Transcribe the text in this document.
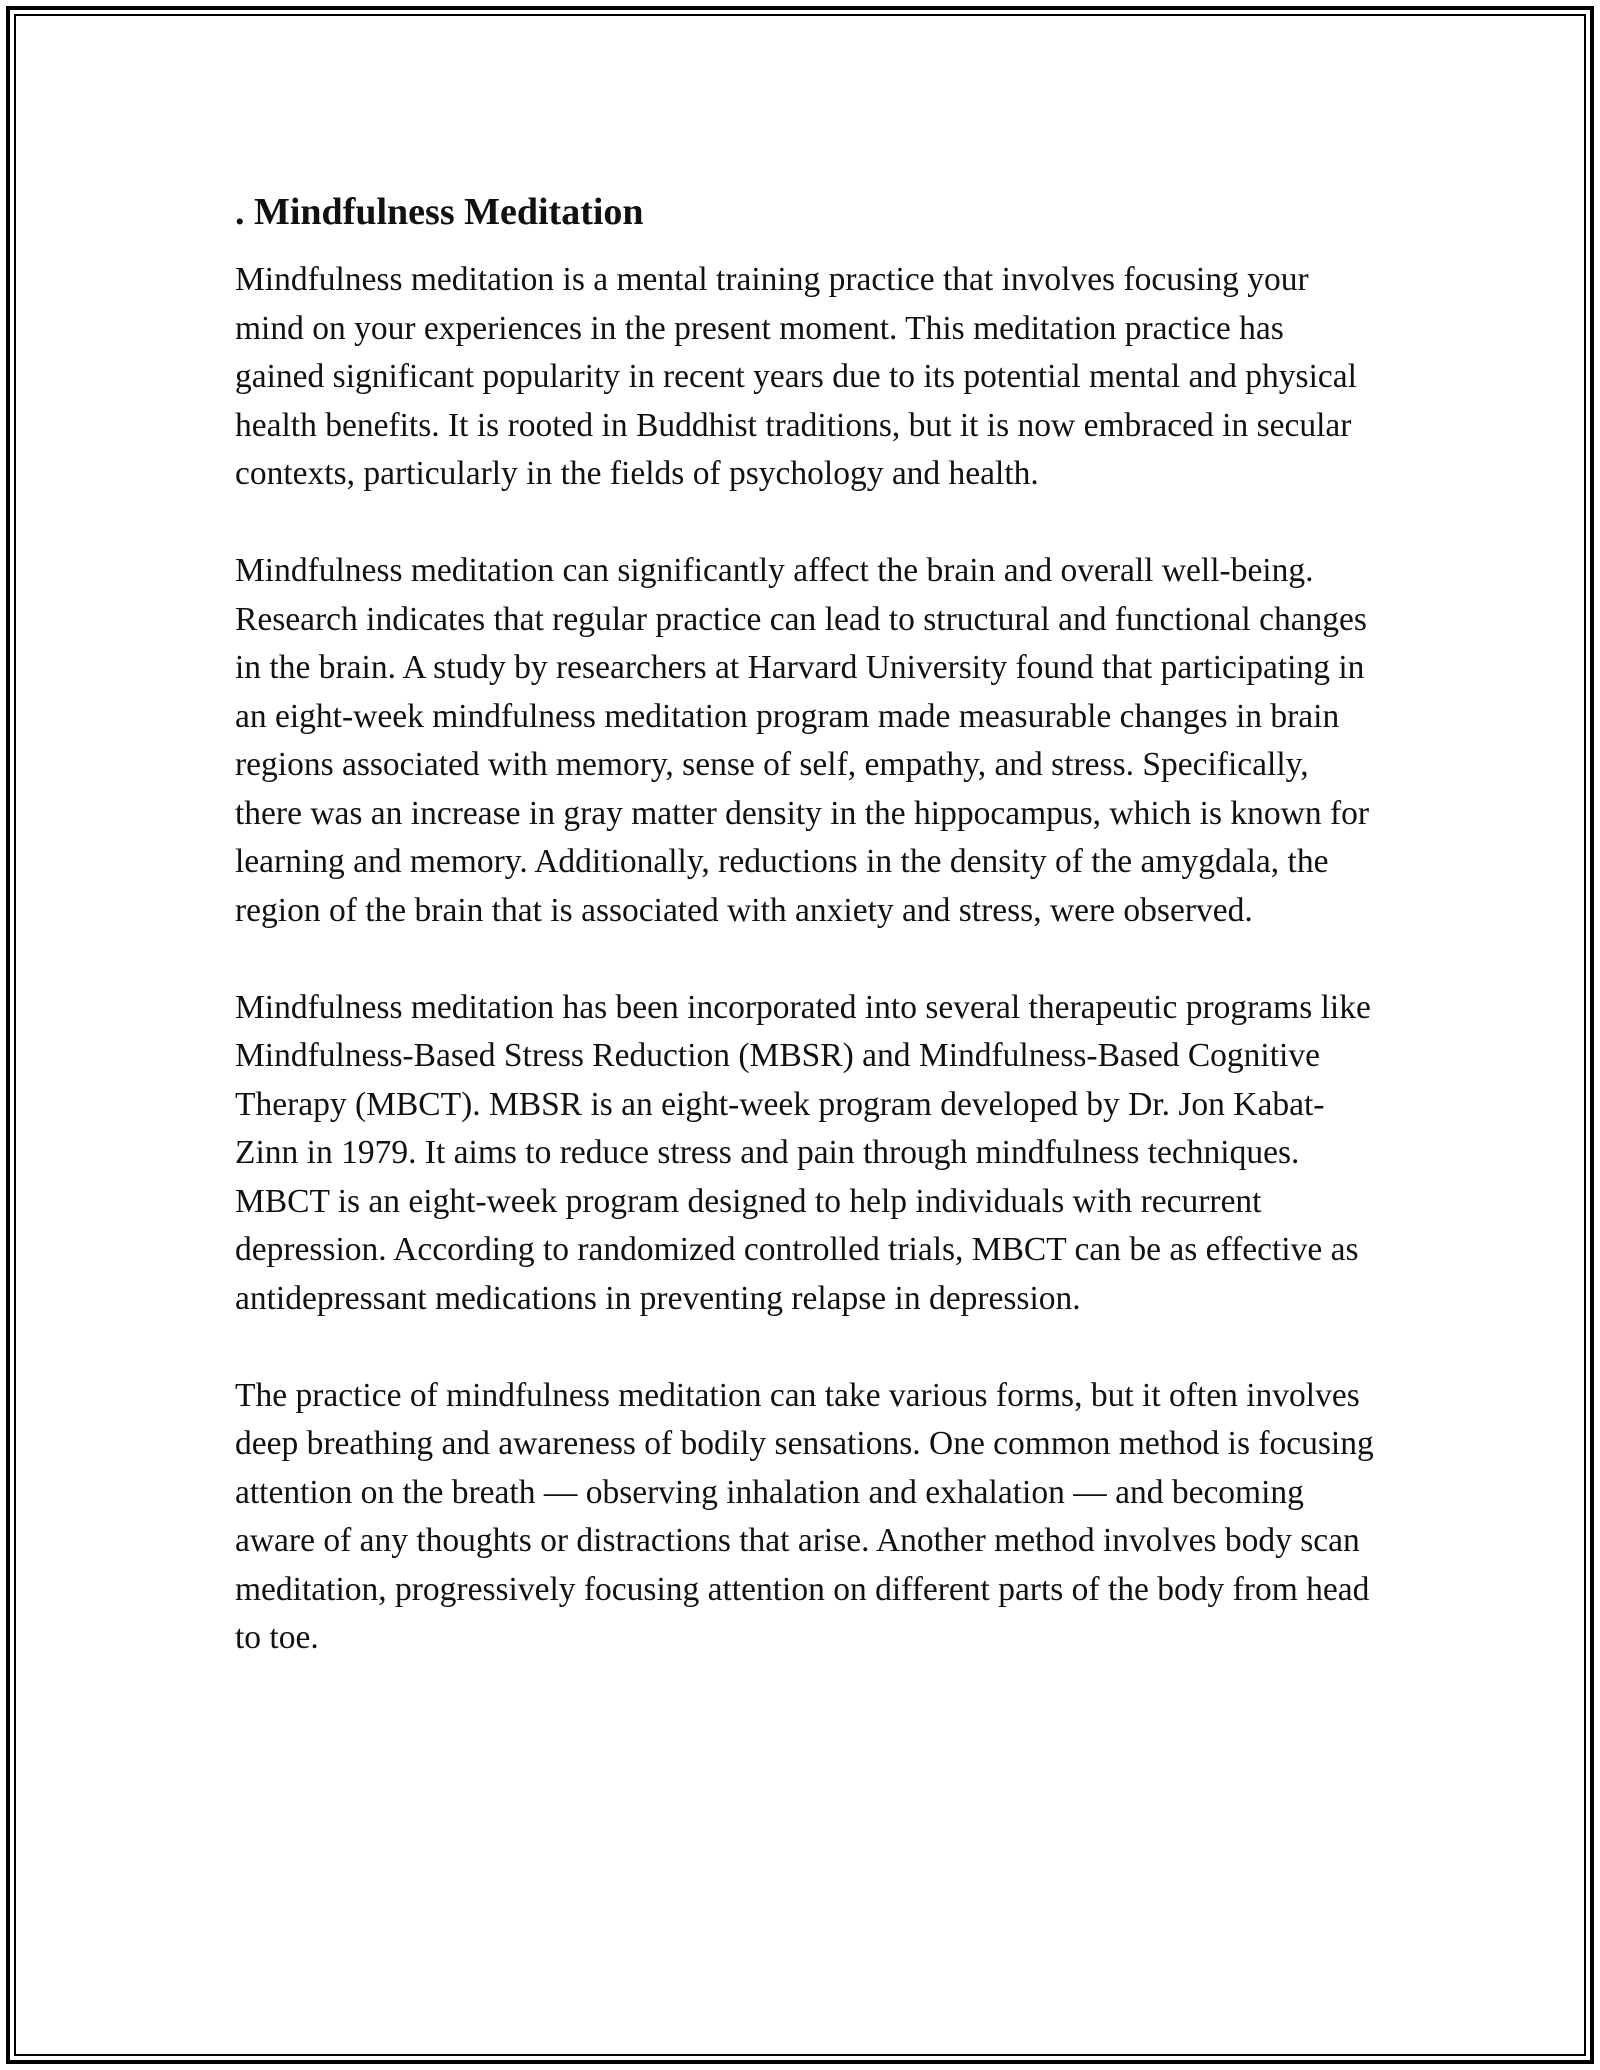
. Mindfulness Meditation

Mindfulness meditation is a mental training practice that involves focusing your mind on your experiences in the present moment. This meditation practice has gained significant popularity in recent years due to its potential mental and physical health benefits. It is rooted in Buddhist traditions, but it is now embraced in secular contexts, particularly in the fields of psychology and health.

Mindfulness meditation can significantly affect the brain and overall well-being. Research indicates that regular practice can lead to structural and functional changes in the brain. A study by researchers at Harvard University found that participating in an eight-week mindfulness meditation program made measurable changes in brain regions associated with memory, sense of self, empathy, and stress. Specifically, there was an increase in gray matter density in the hippocampus, which is known for learning and memory. Additionally, reductions in the density of the amygdala, the region of the brain that is associated with anxiety and stress, were observed.

Mindfulness meditation has been incorporated into several therapeutic programs like Mindfulness-Based Stress Reduction (MBSR) and Mindfulness-Based Cognitive Therapy (MBCT). MBSR is an eight-week program developed by Dr. Jon Kabat-Zinn in 1979. It aims to reduce stress and pain through mindfulness techniques. MBCT is an eight-week program designed to help individuals with recurrent depression. According to randomized controlled trials, MBCT can be as effective as antidepressant medications in preventing relapse in depression.

The practice of mindfulness meditation can take various forms, but it often involves deep breathing and awareness of bodily sensations. One common method is focusing attention on the breath — observing inhalation and exhalation — and becoming aware of any thoughts or distractions that arise. Another method involves body scan meditation, progressively focusing attention on different parts of the body from head to toe.
